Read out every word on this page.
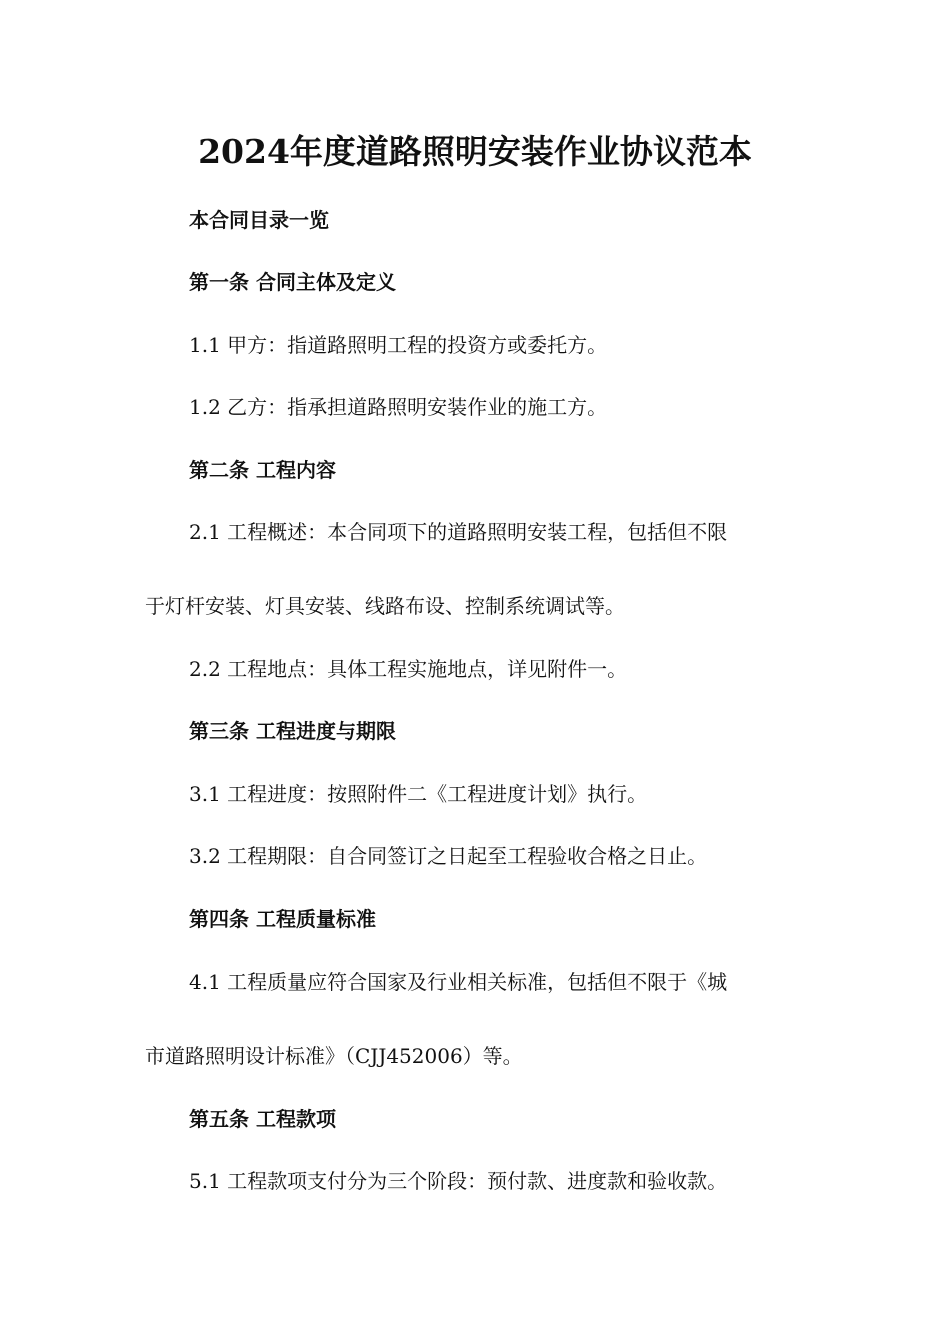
2024年度道路照明安装作业协议范本
本合同目录一览
第一条 合同主体及定义
1.1 甲方：指道路照明工程的投资方或委托方。
1.2 乙方：指承担道路照明安装作业的施工方。
第二条 工程内容
2.1 工程概述：本合同项下的道路照明安装工程，包括但不限
于灯杆安装、灯具安装、线路布设、控制系统调试等。
2.2 工程地点：具体工程实施地点，详见附件一。
第三条 工程进度与期限
3.1 工程进度：按照附件二《工程进度计划》执行。
3.2 工程期限：自合同签订之日起至工程验收合格之日止。
第四条 工程质量标准
4.1 工程质量应符合国家及行业相关标准，包括但不限于《城
市道路照明设计标准》（CJJ452006）等。
第五条 工程款项
5.1 工程款项支付分为三个阶段：预付款、进度款和验收款。
